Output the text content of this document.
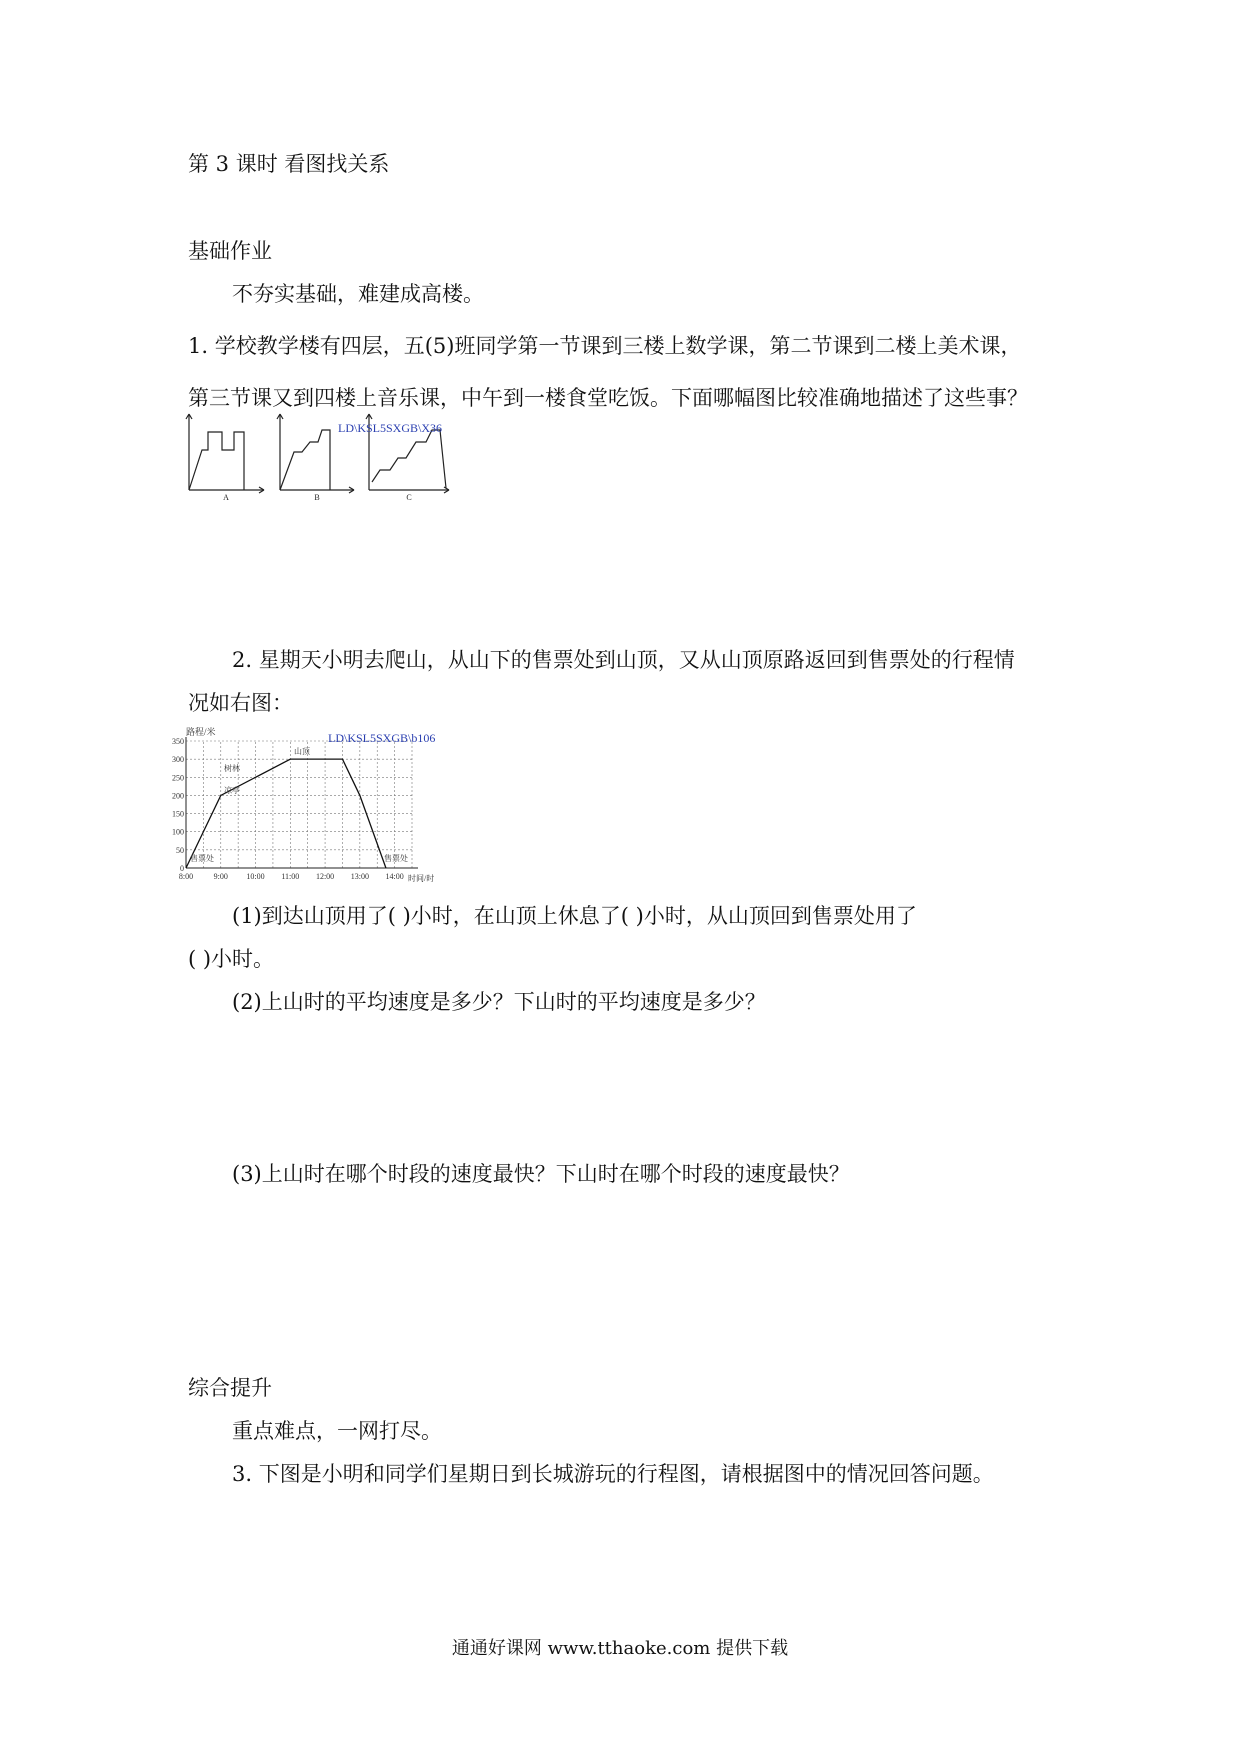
第 3 课时 看图找关系
基础作业
不夯实基础，难建成高楼。
1. 学校教学楼有四层，五(5)班同学第一节课到三楼上数学课，第二节课到二楼上美术课，
第三节课又到四楼上音乐课，中午到一楼食堂吃饭。下面哪幅图比较准确地描述了这些事？
A	B	C
LD\KSL5SXGB\X36
2. 星期天小明去爬山，从山下的售票处到山顶，又从山顶原路返回到售票处的行程情
况如右图：
路程/米
时间/时
8:00	9:00 10:00 11:00 12:00 13:00 14:00
0
50
100
150
200
250
300
350
售票处
树林
凉亭
山顶
售票处
LD\KSL5SXGB\b106
(1)到达山顶用了( )小时，在山顶上休息了( )小时，从山顶回到售票处用了
( )小时。
(2)上山时的平均速度是多少？下山时的平均速度是多少？
(3)上山时在哪个时段的速度最快？下山时在哪个时段的速度最快？
综合提升
重点难点，一网打尽。
3. 下图是小明和同学们星期日到长城游玩的行程图，请根据图中的情况回答问题。
通通好课网 www.tthaoke.com 提供下载
